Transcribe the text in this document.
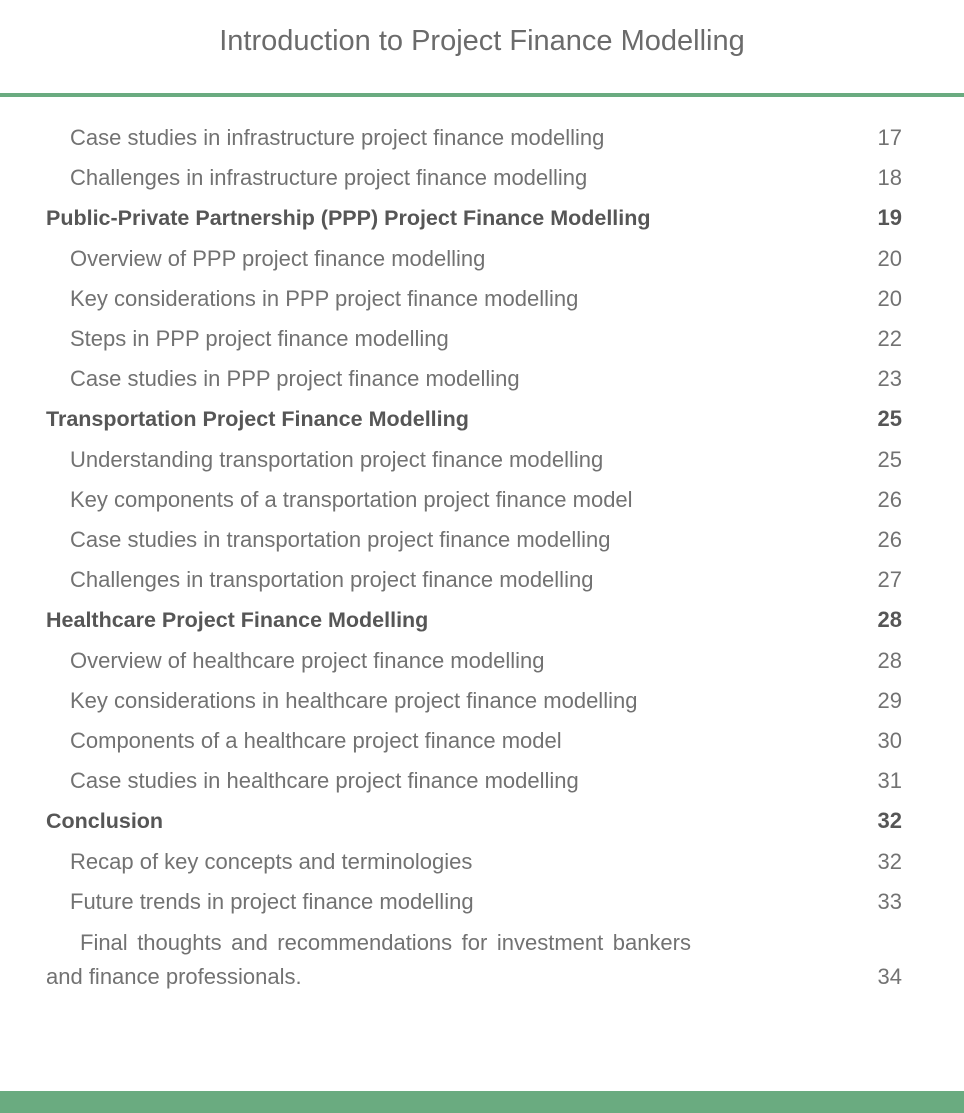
Introduction to Project Finance Modelling
Case studies in infrastructure project finance modelling	17
Challenges in infrastructure project finance modelling	18
Public-Private Partnership (PPP) Project Finance Modelling	19
Overview of PPP project finance modelling	20
Key considerations in PPP project finance modelling	20
Steps in PPP project finance modelling	22
Case studies in PPP project finance modelling	23
Transportation Project Finance Modelling	25
Understanding transportation project finance modelling	25
Key components of a transportation project finance model	26
Case studies in transportation project finance modelling	26
Challenges in transportation project finance modelling	27
Healthcare Project Finance Modelling	28
Overview of healthcare project finance modelling	28
Key considerations in healthcare project finance modelling	29
Components of a healthcare project finance model	30
Case studies in healthcare project finance modelling	31
Conclusion	32
Recap of key concepts and terminologies	32
Future trends in project finance modelling	33
Final thoughts and recommendations for investment bankers and finance professionals.	34
